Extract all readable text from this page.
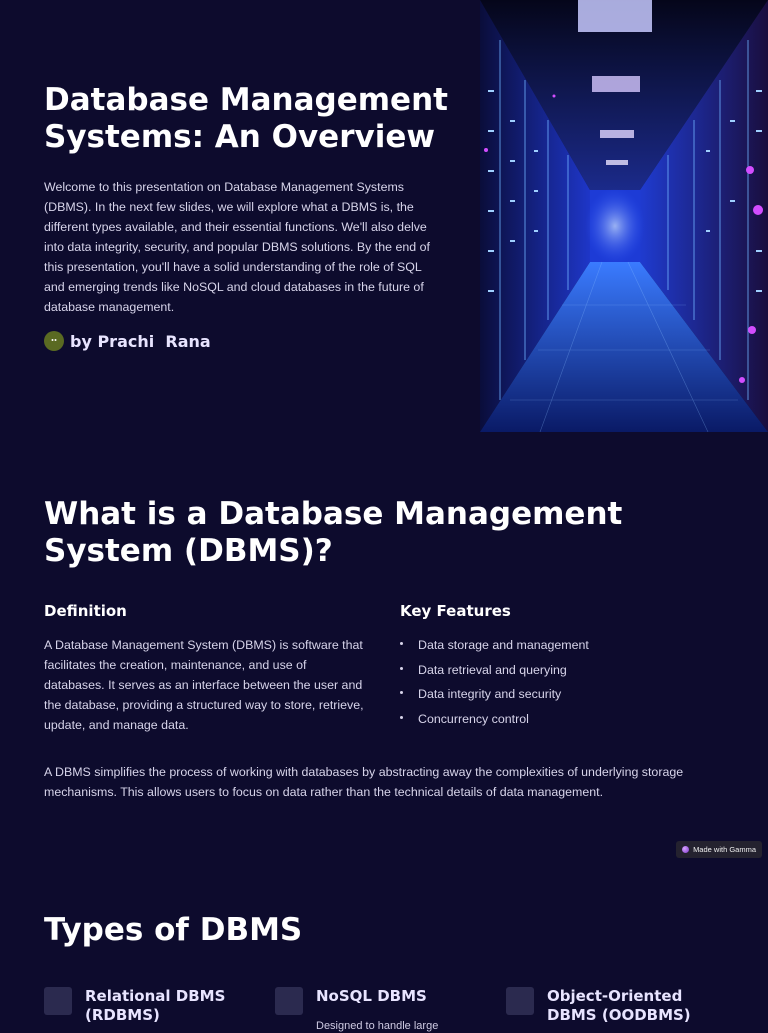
Database Management Systems: An Overview

Welcome to this presentation on Database Management Systems (DBMS). In the next few slides, we will explore what a DBMS is, the different types available, and their essential functions. We'll also delve into data integrity, security, and popular DBMS solutions. By the end of this presentation, you'll have a solid understanding of the role of SQL and emerging trends like NoSQL and cloud databases in the future of database management.

by Prachi  Rana
What is a Database Management System (DBMS)?
Definition

A Database Management System (DBMS) is software that facilitates the creation, maintenance, and use of databases. It serves as an interface between the user and the database, providing a structured way to store, retrieve, update, and manage data.

Key Features
Data storage and management
Data retrieval and querying
Data integrity and security
Concurrency control

A DBMS simplifies the process of working with databases by abstracting away the complexities of underlying storage mechanisms. This allows users to focus on data rather than the technical details of data management.

Made with Gamma
Types of DBMS

Relational DBMS (RDBMS)

NoSQL DBMS

Designed to handle large

Object-Oriented DBMS (OODBMS)
